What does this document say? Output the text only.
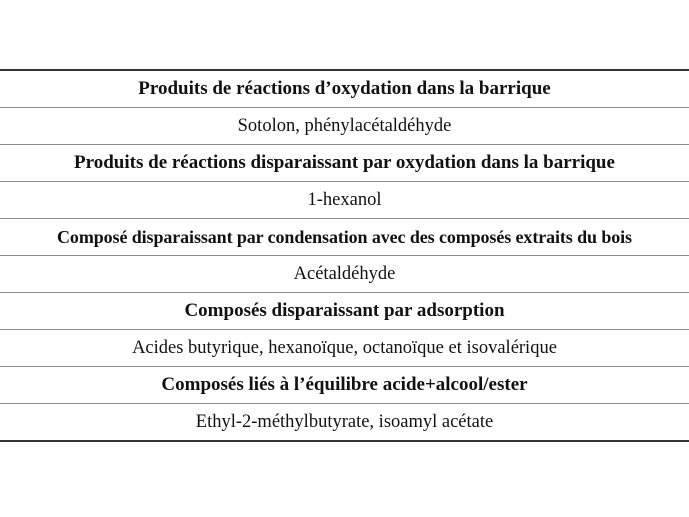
Produits de réactions d’oxydation dans la barrique
Sotolon, phénylacétaldéhyde
Produits de réactions disparaissant par oxydation dans la barrique
1-hexanol
Composé disparaissant par condensation avec des composés extraits du bois
Acétaldéhyde
Composés disparaissant par adsorption
Acides butyrique, hexanoïque, octanoïque et isovalérique
Composés liés à l’équilibre acide+alcool/ester
Ethyl-2-méthylbutyrate, isoamyl acétate
